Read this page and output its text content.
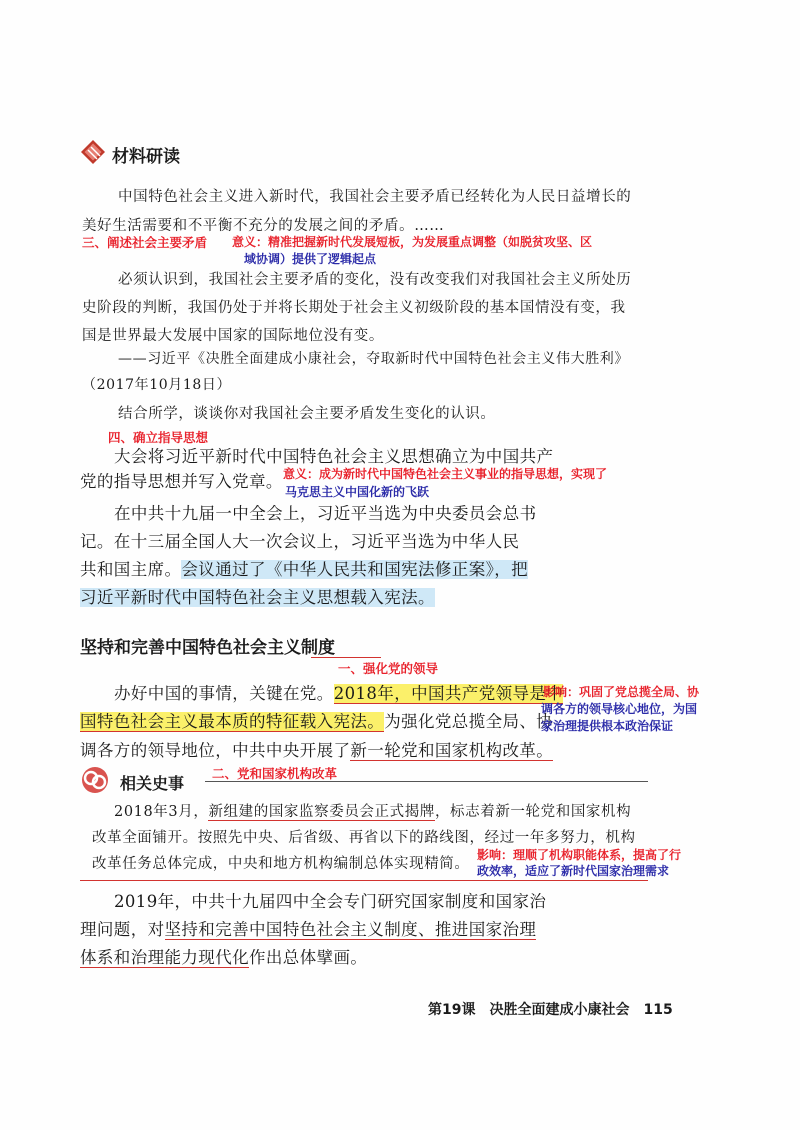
材料研读
中国特色社会主义进入新时代，我国社会主要矛盾已经转化为人民日益增长的
美好生活需要和不平衡不充分的发展之间的矛盾。……
三、阐述社会主要矛盾 意义：精准把握新时代发展短板，为发展重点调整（如脱贫攻坚、区
域协调）提供了逻辑起点
必须认识到，我国社会主要矛盾的变化，没有改变我们对我国社会主义所处历
史阶段的判断，我国仍处于并将长期处于社会主义初级阶段的基本国情没有变，我
国是世界最大发展中国家的国际地位没有变。
——习近平《决胜全面建成小康社会，夺取新时代中国特色社会主义伟大胜利》
（2017年10月18日）
结合所学，谈谈你对我国社会主要矛盾发生变化的认识。
四、确立指导思想
大会将习近平新时代中国特色社会主义思想确立为中国共产
党的指导思想并写入党章。 意义：成为新时代中国特色社会主义事业的指导思想，实现了
马克思主义中国化新的飞跃
在中共十九届一中全会上，习近平当选为中央委员会总书
记。在十三届全国人大一次会议上，习近平当选为中华人民
共和国主席。会议通过了《中华人民共和国宪法修正案》，把
习近平新时代中国特色社会主义思想载入宪法。
坚持和完善中国特色社会主义制度
一、强化党的领导
办好中国的事情，关键在党。2018年，中国共产党领导是中
国特色社会主义最本质的特征载入宪法。为强化党总揽全局、协
调各方的领导地位，中共中央开展了新一轮党和国家机构改革。
影响：巩固了党总揽全局、协
调各方的领导核心地位，为国
家治理提供根本政治保证
相关史事
二、党和国家机构改革
2018年3月，新组建的国家监察委员会正式揭牌，标志着新一轮党和国家机构
改革全面铺开。按照先中央、后省级、再省以下的路线图，经过一年多努力，机构
改革任务总体完成，中央和地方机构编制总体实现精简。
影响：理顺了机构职能体系，提高了行
政效率，适应了新时代国家治理需求
2019年，中共十九届四中全会专门研究国家制度和国家治
理问题，对坚持和完善中国特色社会主义制度、推进国家治理
体系和治理能力现代化作出总体擘画。
第19课　决胜全面建成小康社会　115
